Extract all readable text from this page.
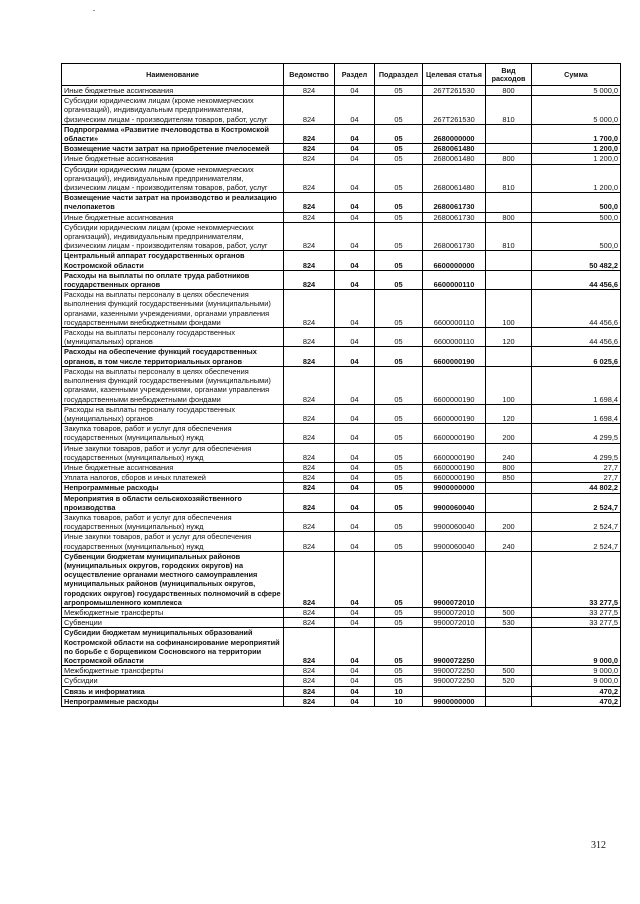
Наименование	Ведомство	Раздел	Подраздел	Целевая статья	Вид расходов	Сумма
Иные бюджетные ассигнования	824	04	05	267Т261530	800	5 000,0
Субсидии юридическим лицам (кроме некоммерческих организаций), индивидуальным предпринимателям, физическим лицам - производителям товаров, работ, услуг	824	04	05	267Т261530	810	5 000,0
Подпрограмма «Развитие пчеловодства в Костромской области»	824	04	05	2680000000		1 700,0
Возмещение части затрат на приобретение пчелосемей	824	04	05	2680061480		1 200,0
Иные бюджетные ассигнования	824	04	05	2680061480	800	1 200,0
Субсидии юридическим лицам (кроме некоммерческих организаций), индивидуальным предпринимателям, физическим лицам - производителям товаров, работ, услуг	824	04	05	2680061480	810	1 200,0
Возмещение части затрат на производство и реализацию пчелопакетов	824	04	05	2680061730		500,0
Иные бюджетные ассигнования	824	04	05	2680061730	800	500,0
Субсидии юридическим лицам (кроме некоммерческих организаций), индивидуальным предпринимателям, физическим лицам - производителям товаров, работ, услуг	824	04	05	2680061730	810	500,0
Центральный аппарат государственных органов Костромской области	824	04	05	6600000000		50 482,2
Расходы на выплаты по оплате труда работников государственных органов	824	04	05	6600000110		44 456,6
Расходы на выплаты персоналу в целях обеспечения выполнения функций государственными (муниципальными) органами, казенными учреждениями, органами управления государственными внебюджетными фондами	824	04	05	6600000110	100	44 456,6
Расходы на выплаты персоналу государственных (муниципальных) органов	824	04	05	6600000110	120	44 456,6
Расходы на обеспечение функций государственных органов, в том числе территориальных органов	824	04	05	6600000190		6 025,6
Расходы на выплаты персоналу в целях обеспечения выполнения функций государственными (муниципальными) органами, казенными учреждениями, органами управления государственными внебюджетными фондами	824	04	05	6600000190	100	1 698,4
Расходы на выплаты персоналу государственных (муниципальных) органов	824	04	05	6600000190	120	1 698,4
Закупка товаров, работ и услуг для обеспечения государственных (муниципальных) нужд	824	04	05	6600000190	200	4 299,5
Иные закупки товаров, работ и услуг для обеспечения государственных (муниципальных) нужд	824	04	05	6600000190	240	4 299,5
Иные бюджетные ассигнования	824	04	05	6600000190	800	27,7
Уплата налогов, сборов и иных платежей	824	04	05	6600000190	850	27,7
Непрограммные расходы	824	04	05	9900000000		44 802,2
Мероприятия в области сельскохозяйственного производства	824	04	05	9900060040		2 524,7
Закупка товаров, работ и услуг для обеспечения государственных (муниципальных) нужд	824	04	05	9900060040	200	2 524,7
Иные закупки товаров, работ и услуг для обеспечения государственных (муниципальных) нужд	824	04	05	9900060040	240	2 524,7
Субвенции бюджетам муниципальных районов (муниципальных округов, городских округов) на осуществление органами местного самоуправления муниципальных районов (муниципальных округов, городских округов) государственных полномочий в сфере агропромышленного комплекса	824	04	05	9900072010		33 277,5
Межбюджетные трансферты	824	04	05	9900072010	500	33 277,5
Субвенции	824	04	05	9900072010	530	33 277,5
Субсидии бюджетам муниципальных образований Костромской области на софинансирование мероприятий по борьбе с борщевиком Сосновского на территории Костромской области	824	04	05	9900072250		9 000,0
Межбюджетные трансферты	824	04	05	9900072250	500	9 000,0
Субсидии	824	04	05	9900072250	520	9 000,0
Связь и информатика	824	04	10			470,2
Непрограммные расходы	824	04	10	9900000000		470,2
312
